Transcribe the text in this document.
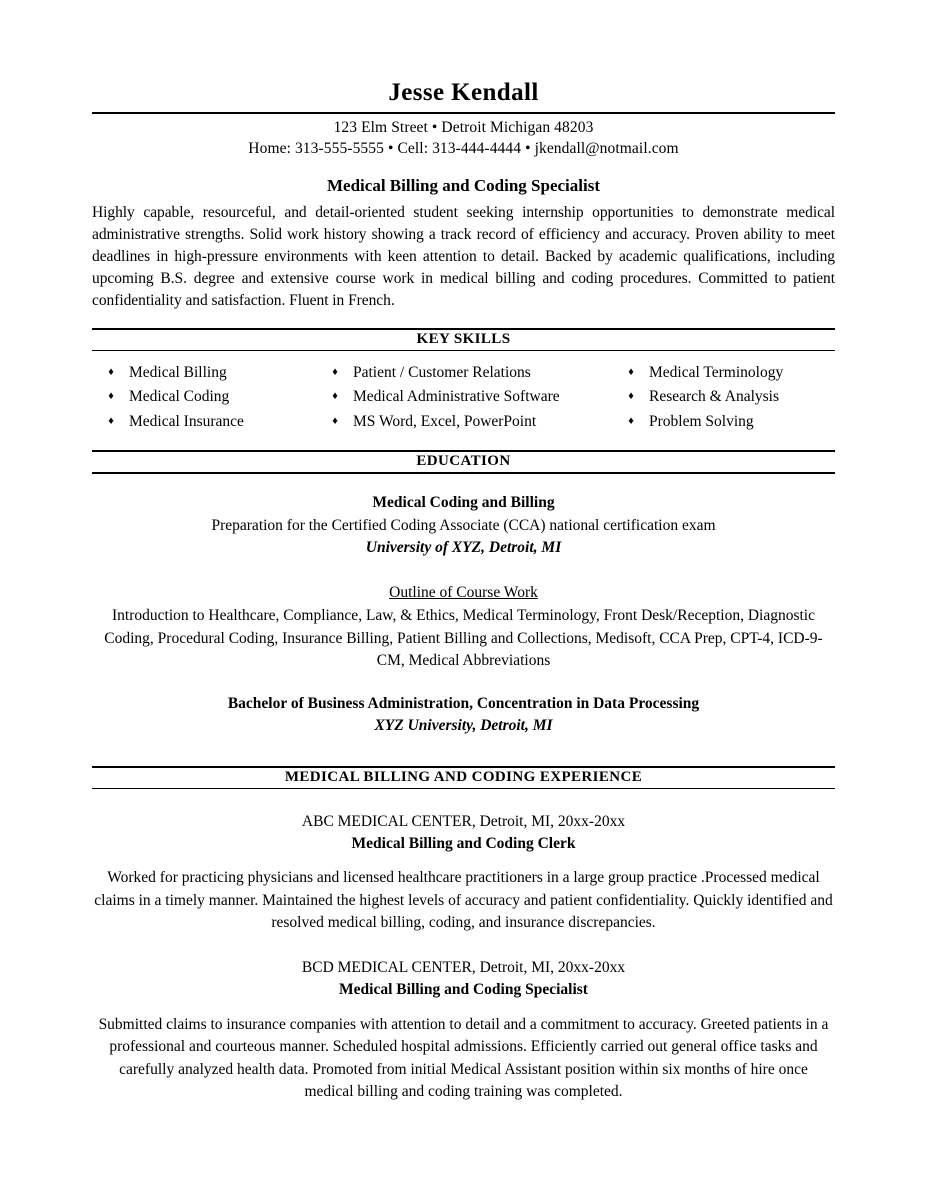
Jesse Kendall
123 Elm Street • Detroit Michigan 48203
Home: 313-555-5555 • Cell: 313-444-4444 • jkendall@notmail.com
Medical Billing and Coding Specialist
Highly capable, resourceful, and detail-oriented student seeking internship opportunities to demonstrate medical administrative strengths. Solid work history showing a track record of efficiency and accuracy. Proven ability to meet deadlines in high-pressure environments with keen attention to detail. Backed by academic qualifications, including upcoming B.S. degree and extensive course work in medical billing and coding procedures. Committed to patient confidentiality and satisfaction. Fluent in French.
KEY SKILLS
♦ Medical Billing
♦ Medical Coding
♦ Medical Insurance
♦ Patient / Customer Relations
♦ Medical Administrative Software
♦ MS Word, Excel, PowerPoint
♦ Medical Terminology
♦ Research & Analysis
♦ Problem Solving
EDUCATION
Medical Coding and Billing
Preparation for the Certified Coding Associate (CCA) national certification exam
University of XYZ, Detroit, MI
Outline of Course Work
Introduction to Healthcare, Compliance, Law, & Ethics, Medical Terminology, Front Desk/Reception, Diagnostic Coding, Procedural Coding, Insurance Billing, Patient Billing and Collections, Medisoft, CCA Prep, CPT-4, ICD-9-CM, Medical Abbreviations
Bachelor of Business Administration, Concentration in Data Processing
XYZ University, Detroit, MI
MEDICAL BILLING AND CODING EXPERIENCE
ABC MEDICAL CENTER, Detroit, MI, 20xx-20xx
Medical Billing and Coding Clerk
Worked for practicing physicians and licensed healthcare practitioners in a large group practice .Processed medical claims in a timely manner. Maintained the highest levels of accuracy and patient confidentiality. Quickly identified and resolved medical billing, coding, and insurance discrepancies.
BCD MEDICAL CENTER, Detroit, MI, 20xx-20xx
Medical Billing and Coding Specialist
Submitted claims to insurance companies with attention to detail and a commitment to accuracy. Greeted patients in a professional and courteous manner. Scheduled hospital admissions. Efficiently carried out general office tasks and carefully analyzed health data. Promoted from initial Medical Assistant position within six months of hire once medical billing and coding training was completed.
